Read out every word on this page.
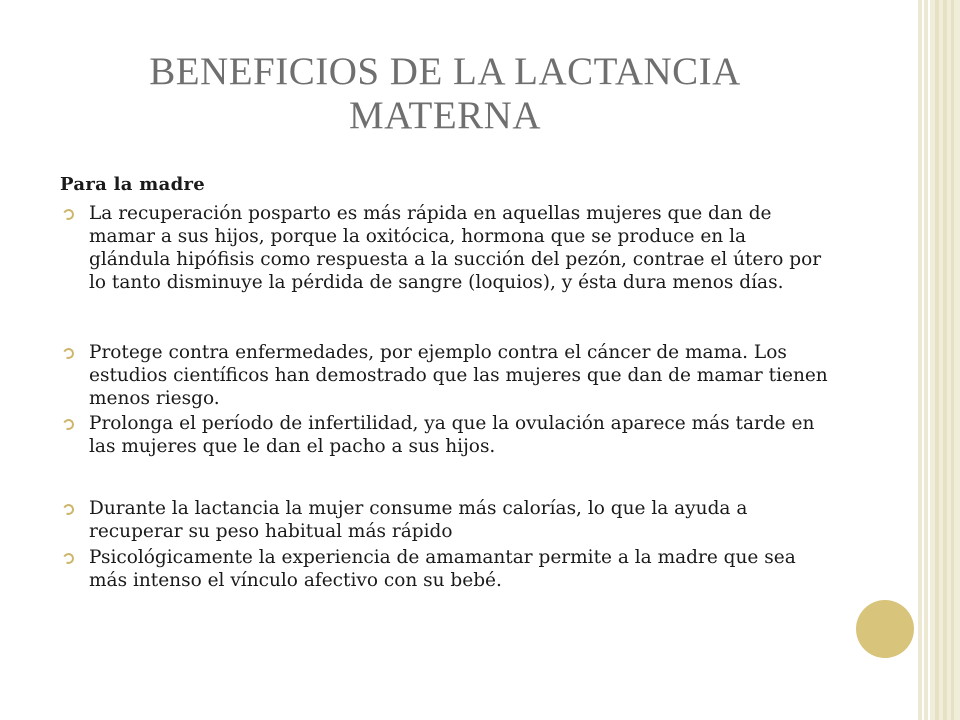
BENEFICIOS DE LA LACTANCIA
MATERNA
Para la madre
La recuperación posparto es más rápida en aquellas mujeres que dan de mamar a sus hijos, porque la oxitócica, hormona que se produce en la glándula hipófisis como respuesta a la succión del pezón, contrae el útero por lo tanto disminuye la pérdida de sangre (loquios), y ésta dura menos días.
Protege contra enfermedades, por ejemplo contra el cáncer de mama. Los estudios científicos han demostrado que las mujeres que dan de mamar tienen menos riesgo.
Prolonga el período de infertilidad, ya que la ovulación aparece más tarde en las mujeres que le dan el pacho a sus hijos.
Durante la lactancia la mujer consume más calorías, lo que la ayuda a recuperar su peso habitual más rápido
Psicológicamente la experiencia de amamantar permite a la madre que sea más intenso el vínculo afectivo con su bebé.
